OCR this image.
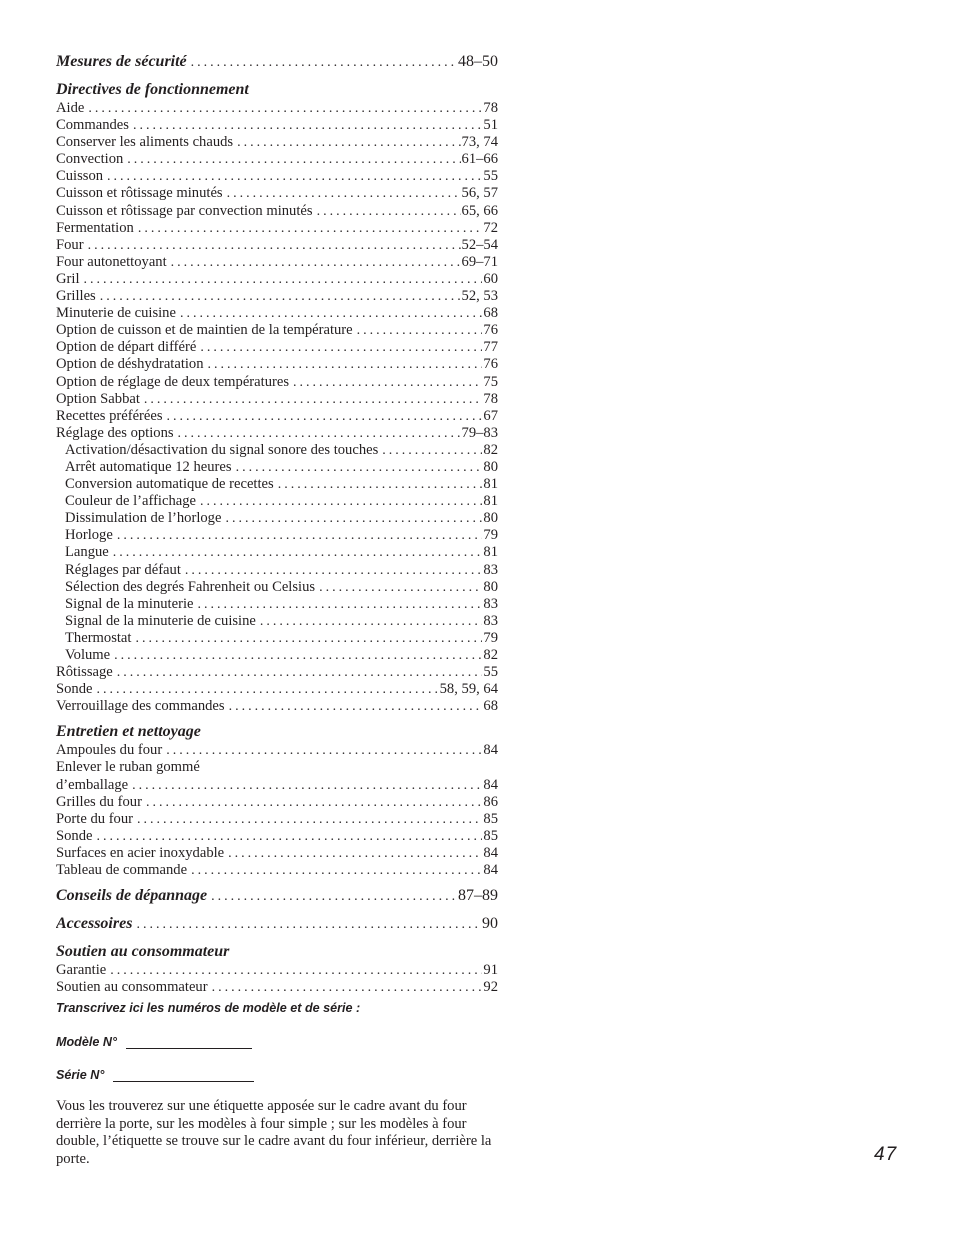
Mesures de sécurité . . .	48–50
Directives de fonctionnement
Aide . . .	78
Commandes . . .	51
Conserver les aliments chauds . . .	73, 74
Convection . . .	61–66
Cuisson . . .	55
Cuisson et rôtissage minutés . . .	56, 57
Cuisson et rôtissage par convection minutés . . .	65, 66
Fermentation . . .	72
Four . . .	52–54
Four autonettoyant . . .	69–71
Gril . . .	60
Grilles . . .	52, 53
Minuterie de cuisine . . .	68
Option de cuisson et de maintien de la température . . .	76
Option de départ différé . . .	77
Option de déshydratation . . .	76
Option de réglage de deux températures . . .	75
Option Sabbat . . .	78
Recettes préférées . . .	67
Réglage des options . . .	79–83
Activation/désactivation du signal sonore des touches . . .	82
Arrêt automatique 12 heures . . .	80
Conversion automatique de recettes . . .	81
Couleur de l’affichage . . .	81
Dissimulation de l’horloge . . .	80
Horloge . . .	79
Langue . . .	81
Réglages par défaut . . .	83
Sélection des degrés Fahrenheit ou Celsius . . .	80
Signal de la minuterie . . .	83
Signal de la minuterie de cuisine . . .	83
Thermostat . . .	79
Volume . . .	82
Rôtissage . . .	55
Sonde . . .	58, 59, 64
Verrouillage des commandes . . .	68
Entretien et nettoyage
Ampoules du four . . .	84
Enlever le ruban gommé
d’emballage . . .	84
Grilles du four . . .	86
Porte du four . . .	85
Sonde . . .	85
Surfaces en acier inoxydable . . .	84
Tableau de commande . . .	84
Conseils de dépannage . . .	87–89
Accessoires . . .	90
Soutien au consommateur
Garantie . . .	91
Soutien au consommateur . . .	92
Transcrivez ici les numéros de modèle et de série :
Modèle N°
Série N°
Vous les trouverez sur une étiquette apposée sur le cadre avant du four derrière la porte, sur les modèles à four simple ; sur les modèles à four double, l’étiquette se trouve sur le cadre avant du four inférieur, derrière la porte.	47
